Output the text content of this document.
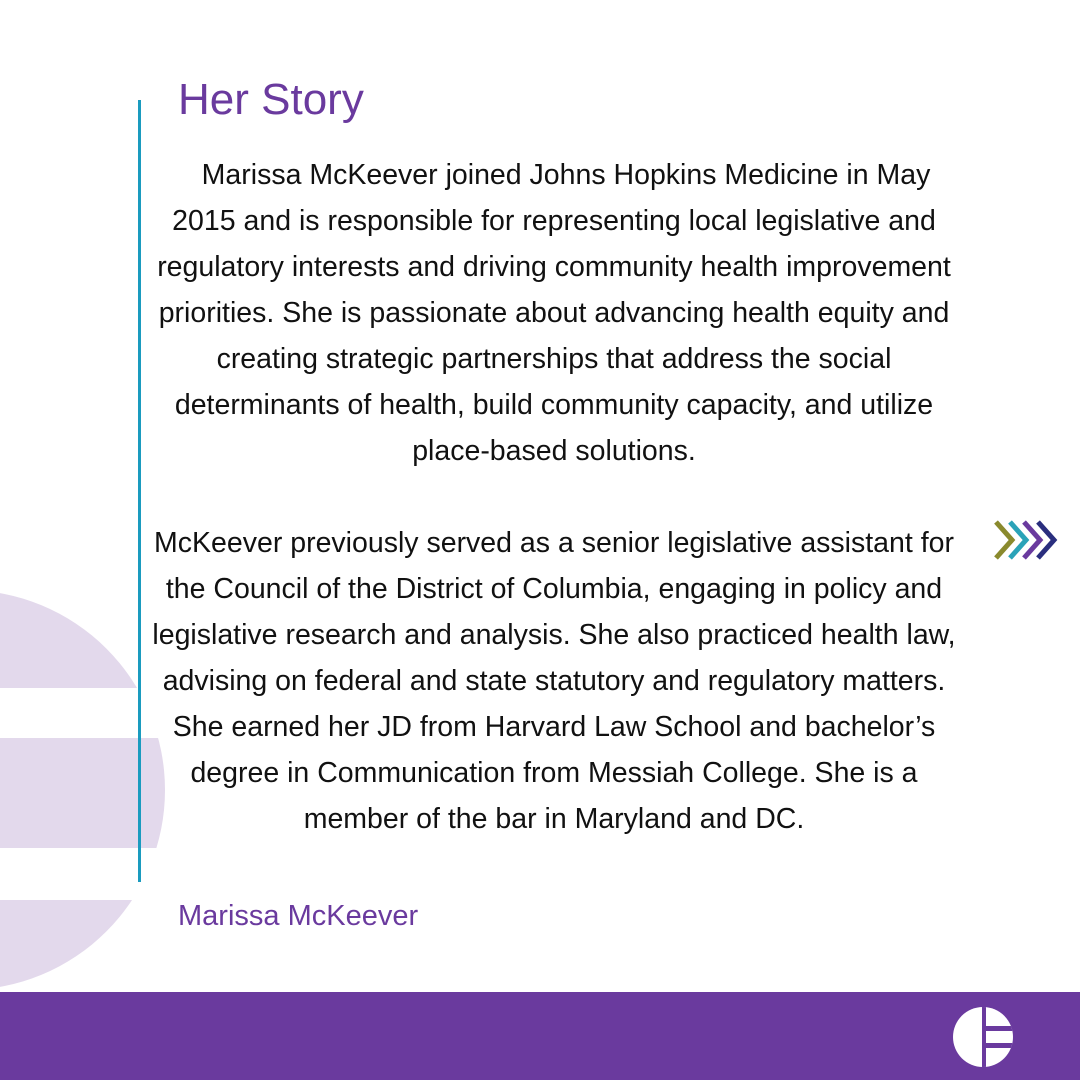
Her Story

Marissa McKeever joined Johns Hopkins Medicine in May 2015 and is responsible for representing local legislative and regulatory interests and driving community health improvement priorities. She is passionate about advancing health equity and creating strategic partnerships that address the social determinants of health, build community capacity, and utilize place-based solutions.

McKeever previously served as a senior legislative assistant for the Council of the District of Columbia, engaging in policy and legislative research and analysis. She also practiced health law, advising on federal and state statutory and regulatory matters. She earned her JD from Harvard Law School and bachelor’s degree in Communication from Messiah College. She is a member of the bar in Maryland and DC.

Marissa McKeever
